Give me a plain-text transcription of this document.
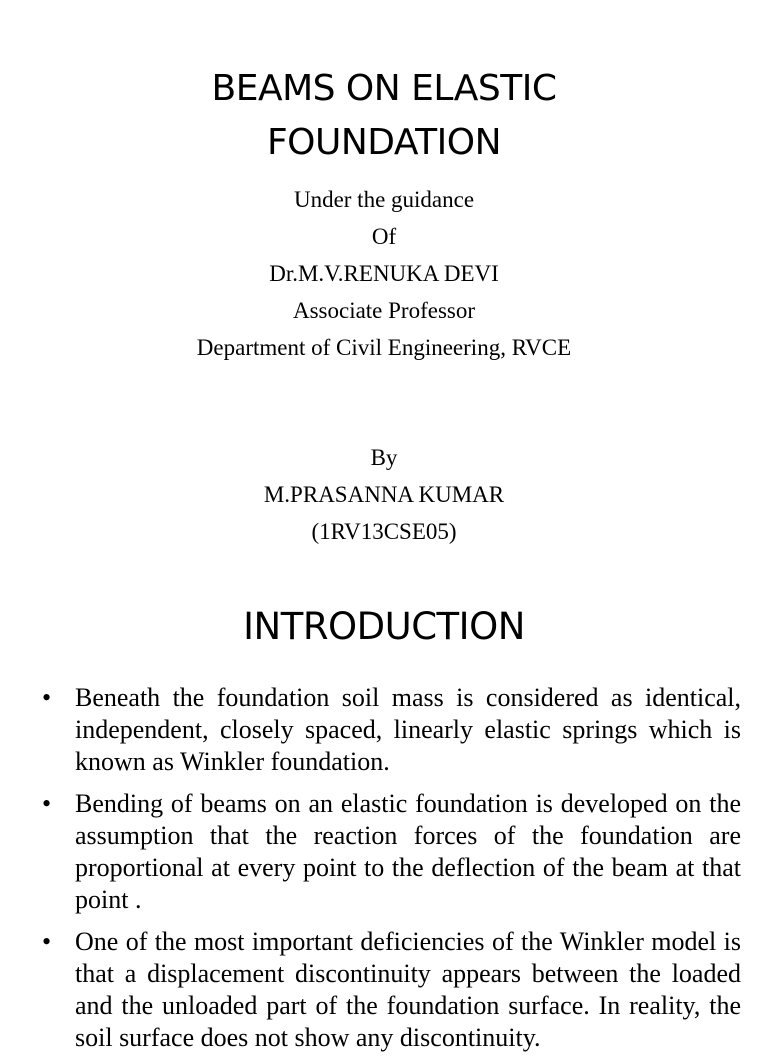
BEAMS ON ELASTIC
FOUNDATION
Under the guidance
Of
Dr.M.V.RENUKA DEVI
Associate Professor
Department of Civil Engineering, RVCE
By
M.PRASANNA KUMAR
(1RV13CSE05)
INTRODUCTION
• Beneath the foundation soil mass is considered as identical, independent, closely spaced, linearly elastic springs which is known as Winkler foundation.
• Bending of beams on an elastic foundation is developed on the assumption that the reaction forces of the foundation are proportional at every point to the deflection of the beam at that point .
• One of the most important deficiencies of the Winkler model is that a displacement discontinuity appears between the loaded and the unloaded part of the foundation surface. In reality, the soil surface does not show any discontinuity.
